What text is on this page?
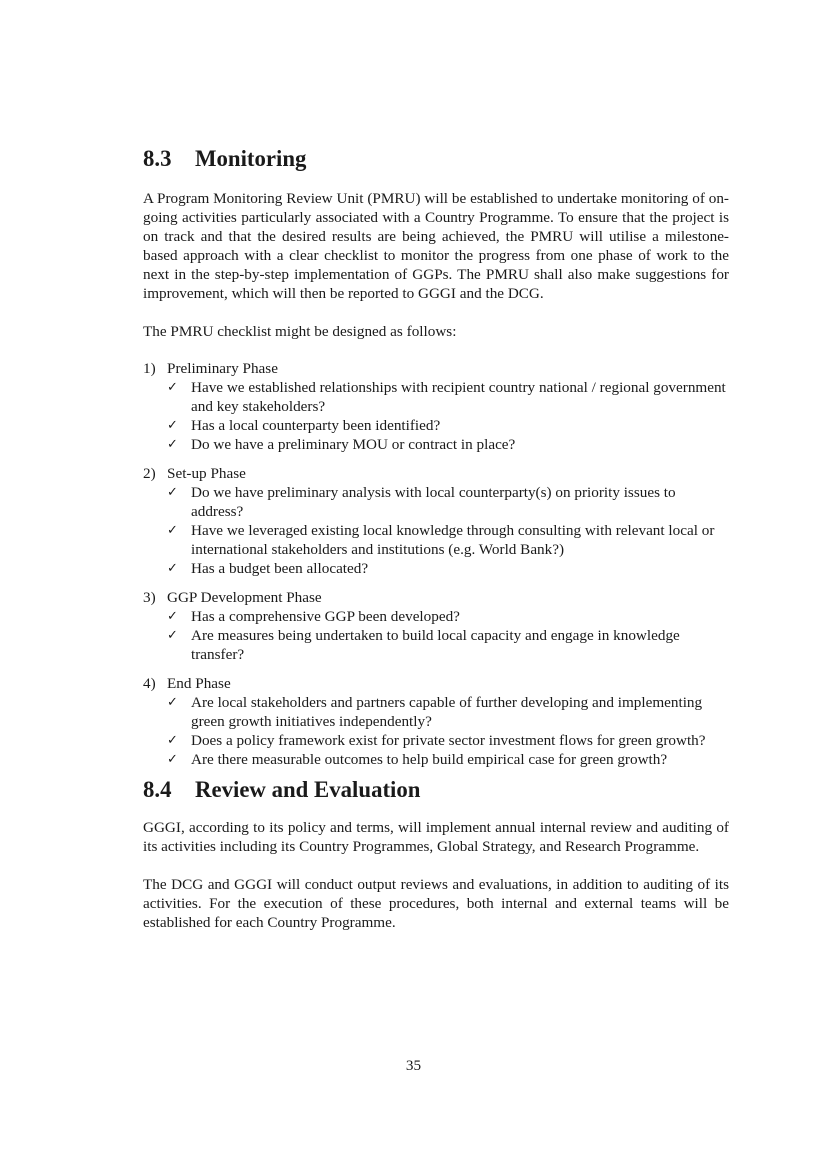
8.3	Monitoring

A Program Monitoring Review Unit (PMRU) will be established to undertake monitoring of on-going activities particularly associated with a Country Programme. To ensure that the project is on track and that the desired results are being achieved, the PMRU will utilise a milestone-based approach with a clear checklist to monitor the progress from one phase of work to the next in the step-by-step implementation of GGPs. The PMRU shall also make suggestions for improvement, which will then be reported to GGGI and the DCG.

The PMRU checklist might be designed as follows:

1) Preliminary Phase
✓ Have we established relationships with recipient country national / regional government and key stakeholders?
✓ Has a local counterparty been identified?
✓ Do we have a preliminary MOU or contract in place?
2) Set-up Phase
✓ Do we have preliminary analysis with local counterparty(s) on priority issues to address?
✓ Have we leveraged existing local knowledge through consulting with relevant local or international stakeholders and institutions (e.g. World Bank?)
✓ Has a budget been allocated?
3) GGP Development Phase
✓ Has a comprehensive GGP been developed?
✓ Are measures being undertaken to build local capacity and engage in knowledge transfer?
4) End Phase
✓ Are local stakeholders and partners capable of further developing and implementing green growth initiatives independently?
✓ Does a policy framework exist for private sector investment flows for green growth?
✓ Are there measurable outcomes to help build empirical case for green growth?
8.4	Review and Evaluation

GGGI, according to its policy and terms, will implement annual internal review and auditing of its activities including its Country Programmes, Global Strategy, and Research Programme.

The DCG and GGGI will conduct output reviews and evaluations, in addition to auditing of its activities. For the execution of these procedures, both internal and external teams will be established for each Country Programme.

35
